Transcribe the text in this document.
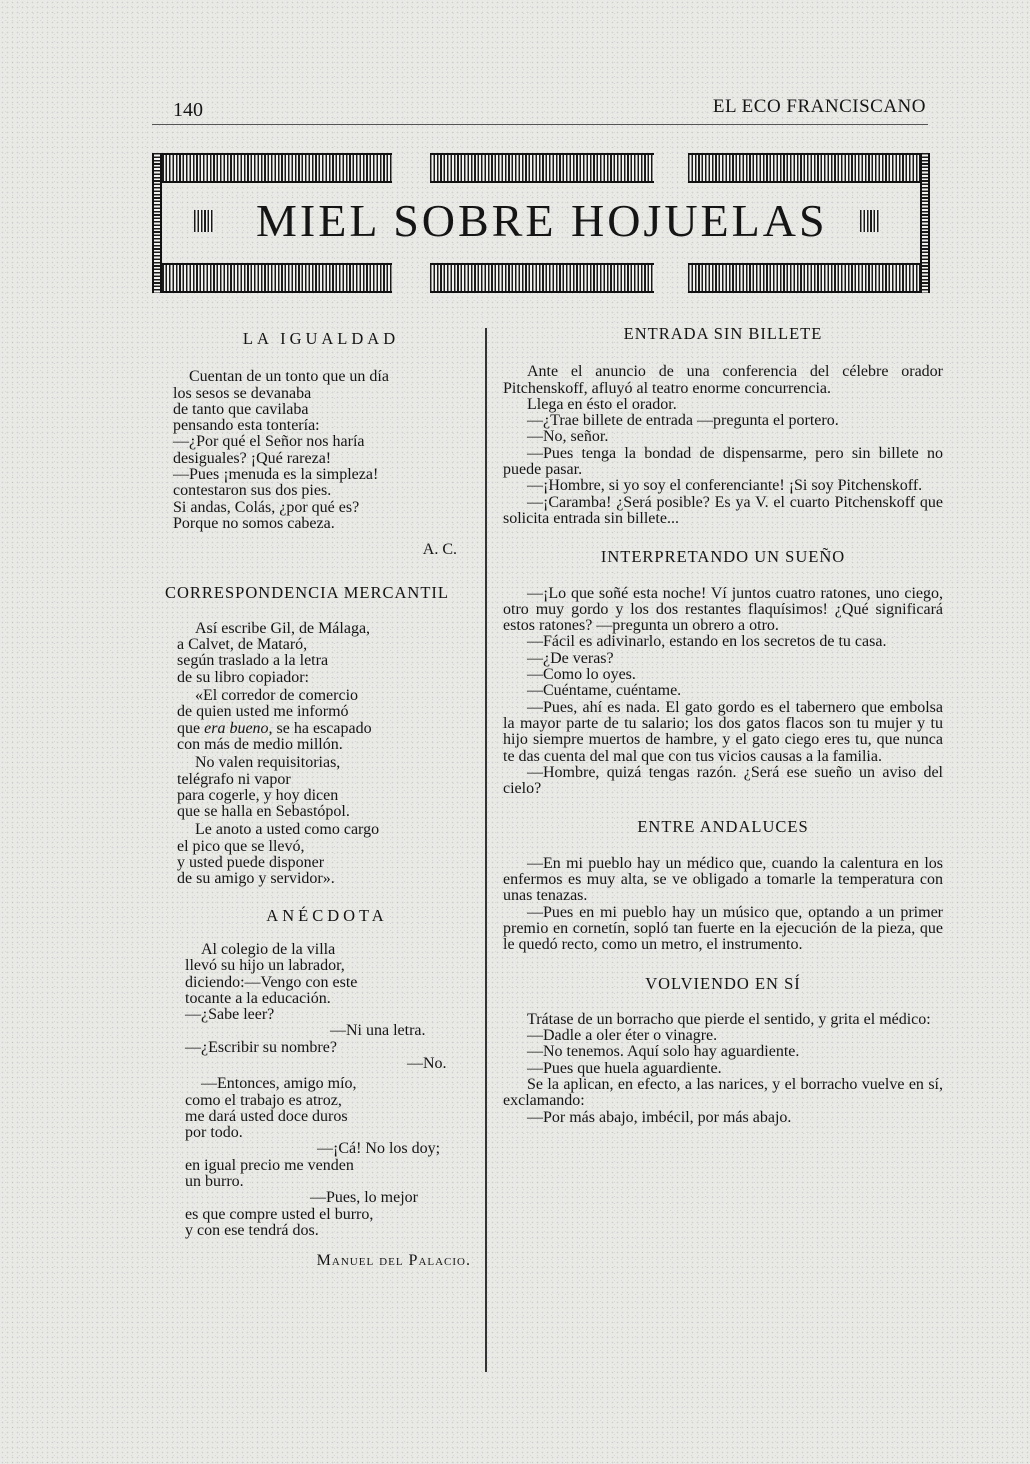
140	EL ECO FRANCISCANO
MIEL SOBRE HOJUELAS
LA IGUALDAD
Cuentan de un tonto que un día
los sesos se devanaba
de tanto que cavilaba
pensando esta tontería:
—¿Por qué el Señor nos haría
desiguales? ¡Qué rareza!
—Pues ¡menuda es la simpleza!
contestaron sus dos pies.
Si andas, Colás, ¿por qué es?
Porque no somos cabeza.
A. C.
CORRESPONDENCIA MERCANTIL
Así escribe Gil, de Málaga,
a Calvet, de Mataró,
según traslado a la letra
de su libro copiador:
«El corredor de comercio
de quien usted me informó
que era bueno, se ha escapado
con más de medio millón.
No valen requisitorias,
telégrafo ni vapor
para cogerle, y hoy dicen
que se halla en Sebastópol.
Le anoto a usted como cargo
el pico que se llevó,
y usted puede disponer
de su amigo y servidor».
ANÉCDOTA
Al colegio de la villa
llevó su hijo un labrador,
diciendo:—Vengo con este
tocante a la educación.
—¿Sabe leer?
—Ni una letra.
—¿Escribir su nombre?
—No.
—Entonces, amigo mío,
como el trabajo es atroz,
me dará usted doce duros
por todo.
—¡Cá! No los doy;
en igual precio me venden
un burro.
—Pues, lo mejor
es que compre usted el burro,
y con ese tendrá dos.
Manuel del Palacio.
ENTRADA SIN BILLETE

Ante el anuncio de una conferencia del célebre orador Pitchenskoff, afluyó al teatro enorme concurrencia.

Llega en ésto el orador.

—¿Trae billete de entrada —pregunta el portero.

—No, señor.

—Pues tenga la bondad de dispensarme, pero sin billete no puede pasar.

—¡Hombre, si yo soy el conferenciante! ¡Si soy Pitchenskoff.

—¡Caramba! ¿Será posible? Es ya V. el cuarto Pitchenskoff que solicita entrada sin billete...

INTERPRETANDO UN SUEÑO

—¡Lo que soñé esta noche! Ví juntos cuatro ratones, uno ciego, otro muy gordo y los dos restantes flaquísimos! ¿Qué significará estos ratones? —pregunta un obrero a otro.

—Fácil es adivinarlo, estando en los secretos de tu casa.

—¿De veras?

—Como lo oyes.

—Cuéntame, cuéntame.

—Pues, ahí es nada. El gato gordo es el tabernero que embolsa la mayor parte de tu salario; los dos gatos flacos son tu mujer y tu hijo siempre muertos de hambre, y el gato ciego eres tu, que nunca te das cuenta del mal que con tus vicios causas a la familia.

—Hombre, quizá tengas razón. ¿Será ese sueño un aviso del cielo?

ENTRE ANDALUCES

—En mi pueblo hay un médico que, cuando la calentura en los enfermos es muy alta, se ve obligado a tomarle la temperatura con unas tenazas.

—Pues en mi pueblo hay un músico que, optando a un primer premio en cornetín, sopló tan fuerte en la ejecución de la pieza, que le quedó recto, como un metro, el instrumento.

VOLVIENDO EN SÍ

Trátase de un borracho que pierde el sentido, y grita el médico:

—Dadle a oler éter o vinagre.

—No tenemos. Aquí solo hay aguardiente.

—Pues que huela aguardiente.

Se la aplican, en efecto, a las narices, y el borracho vuelve en sí, exclamando:

—Por más abajo, imbécil, por más abajo.
